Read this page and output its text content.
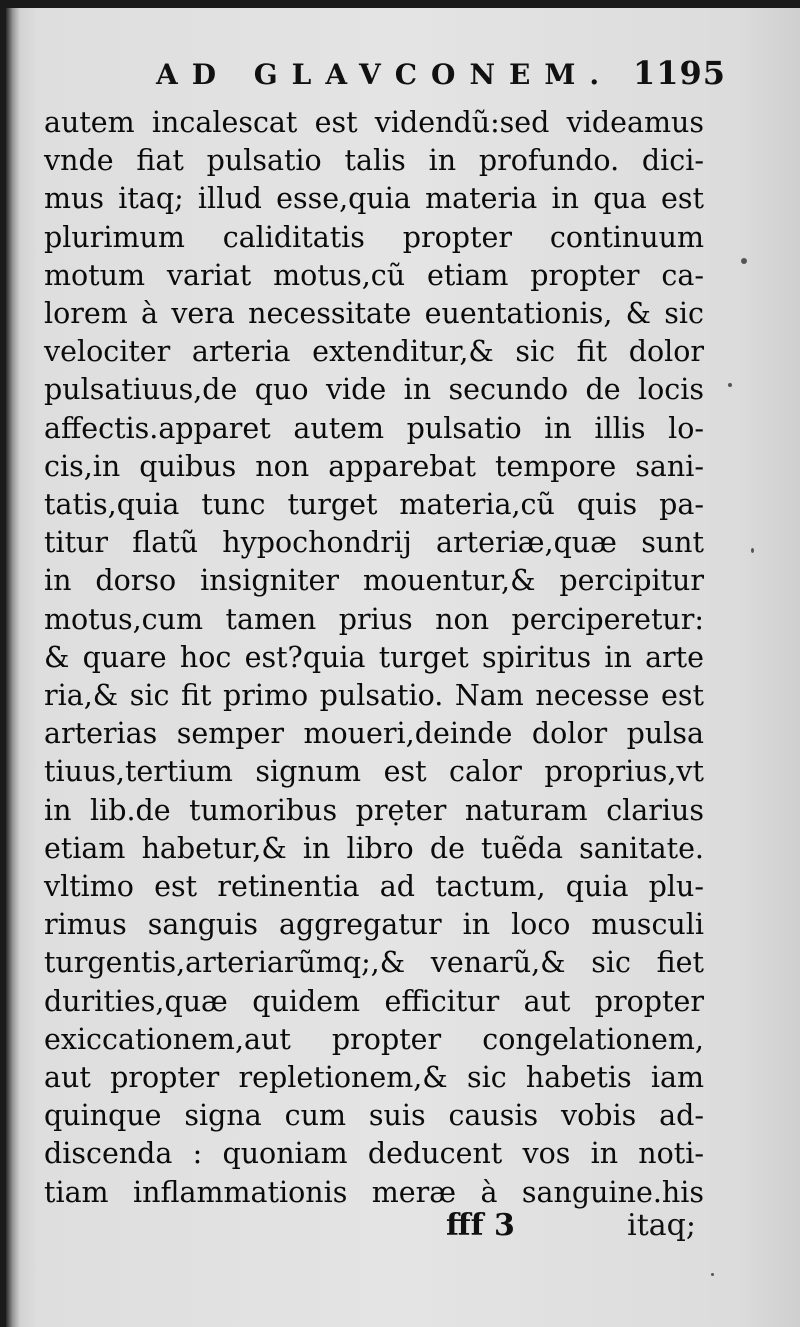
AD GLAVCONEM. 1195
autem incalescat est videndũ:sed videamus
vnde fiat pulsatio talis in profundo. dici-
mus itaq; illud esse,quia materia in qua est
plurimum caliditatis propter continuum
motum variat motus,cũ etiam propter ca-
lorem à vera necessitate euentationis, & sic
velociter arteria extenditur,& sic fit dolor
pulsatiuus,de quo vide in secundo de locis
affectis.apparet autem pulsatio in illis lo-
cis,in quibus non apparebat tempore sani-
tatis,quia tunc turget materia,cũ quis pa-
titur flatũ hypochondrij arteriæ,quæ sunt
in dorso insigniter mouentur,& percipitur
motus,cum tamen prius non perciperetur:
& quare hoc est?quia turget spiritus in arte
ria,& sic fit primo pulsatio. Nam necesse est
arterias semper moueri,deinde dolor pulsa
tiuus,tertium signum est calor proprius,vt
in lib.de tumoribus prẹter naturam clarius
etiam habetur,& in libro de tuẽda sanitate.
vltimo est retinentia ad tactum, quia plu-
rimus sanguis aggregatur in loco musculi
turgentis,arteriarũmq;,& venarũ,& sic fiet
durities,quæ quidem efficitur aut propter
exiccationem,aut propter congelationem,
aut propter repletionem,& sic habetis iam
quinque signa cum suis causis vobis ad-
discenda : quoniam deducent vos in noti-
tiam inflammationis meræ à sanguine.his
fff 3	itaq;
